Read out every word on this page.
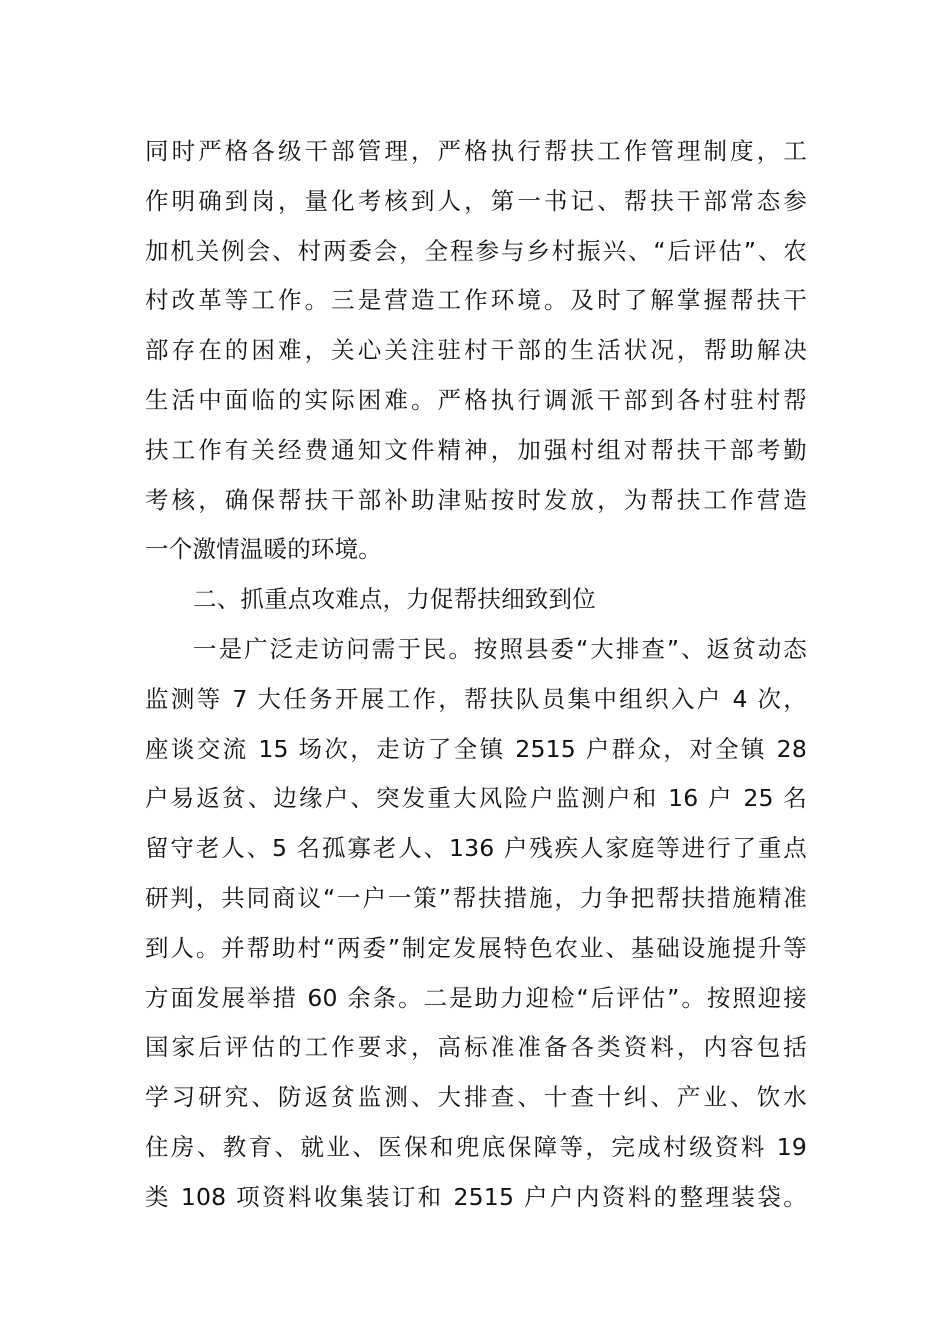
同时严格各级干部管理，严格执行帮扶工作管理制度，工
作明确到岗，量化考核到人，第一书记、帮扶干部常态参
加机关例会、村两委会，全程参与乡村振兴、“后评估”、农
村改革等工作。三是营造工作环境。及时了解掌握帮扶干
部存在的困难，关心关注驻村干部的生活状况，帮助解决
生活中面临的实际困难。严格执行调派干部到各村驻村帮
扶工作有关经费通知文件精神，加强村组对帮扶干部考勤
考核，确保帮扶干部补助津贴按时发放，为帮扶工作营造
一个激情温暖的环境。
二、抓重点攻难点，力促帮扶细致到位
一是广泛走访问需于民。按照县委“大排查”、返贫动态
监测等 7 大任务开展工作，帮扶队员集中组织入户 4 次，
座谈交流 15 场次，走访了全镇 2515 户群众，对全镇 28
户易返贫、边缘户、突发重大风险户监测户和 16 户 25 名
留守老人、5 名孤寡老人、136 户残疾人家庭等进行了重点
研判，共同商议“一户一策”帮扶措施，力争把帮扶措施精准
到人。并帮助村“两委”制定发展特色农业、基础设施提升等
方面发展举措 60 余条。二是助力迎检“后评估”。按照迎接
国家后评估的工作要求，高标准准备各类资料，内容包括
学习研究、防返贫监测、大排查、十查十纠、产业、饮水
住房、教育、就业、医保和兜底保障等，完成村级资料 19
类 108 项资料收集装订和 2515 户户内资料的整理装袋。
